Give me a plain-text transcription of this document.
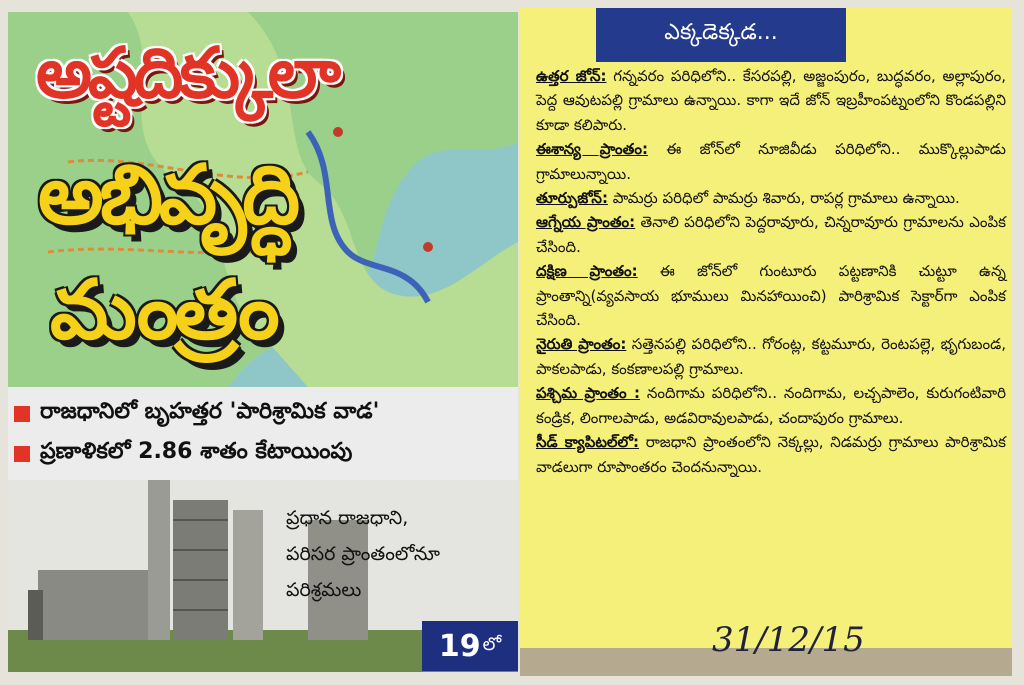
అష్టదిక్కులా
అభివృద్ధి
మంత్రం
రాజధానిలో బృహత్తర 'పారిశ్రామిక వాడ'
ప్రణాళికలో 2.86 శాతం కేటాయింపు
ప్రధాన రాజధాని,
పరిసర ప్రాంతంలోనూ
పరిశ్రమలు
19 లో
ఎక్కడెక్కడ...

ఉత్తర జోన్: గన్నవరం పరిధిలోని.. కేసరపల్లి, అజ్జంపురం, బుద్ధవరం, అల్లాపురం, పెద్ద ఆవుటపల్లి గ్రామాలు ఉన్నాయి. కాగా ఇదే జోన్ ఇబ్రహీంపట్నంలోని కొండపల్లిని కూడా కలిపారు.

ఈశాన్య ప్రాంతం: ఈ జోన్‌లో నూజివీడు పరిధిలోని.. ముక్కొల్లుపాడు గ్రామాలున్నాయి.

తూర్పుజోన్: పామర్రు పరిధిలో పామర్రు శివారు, రాపర్ల గ్రామాలు ఉన్నాయి.

ఆగ్నేయ ప్రాంతం: తెనాలి పరిధిలోని పెద్దరావూరు, చిన్నరావూరు గ్రామాలను ఎంపిక చేసింది.

దక్షిణ ప్రాంతం: ఈ జోన్‌లో గుంటూరు పట్టణానికి చుట్టూ ఉన్న ప్రాంతాన్ని(వ్యవసాయ భూములు మినహాయించి) పారిశ్రామిక సెక్టార్‌గా ఎంపిక చేసింది.

నైరుతి ప్రాంతం: సత్తెనపల్లి పరిధిలోని.. గోరంట్ల, కట్టమూరు, రెంటపల్లె, భృగుబండ, పాకలపాడు, కంకణాలపల్లి గ్రామాలు.

పశ్చిమ ప్రాంతం : నందిగామ పరిధిలోని.. నందిగామ, లచ్చపాలెం, కురుగంటివారి కండ్రిక, లింగాలపాడు, అడవిరావులపాడు, చందాపురం గ్రామాలు.

సీడ్ క్యాపిటల్‌లో: రాజధాని ప్రాంతంలోని నెక్కల్లు, నిడమర్రు గ్రామాలు పారిశ్రామిక వాడలుగా రూపాంతరం చెందనున్నాయి.

31/12/15
